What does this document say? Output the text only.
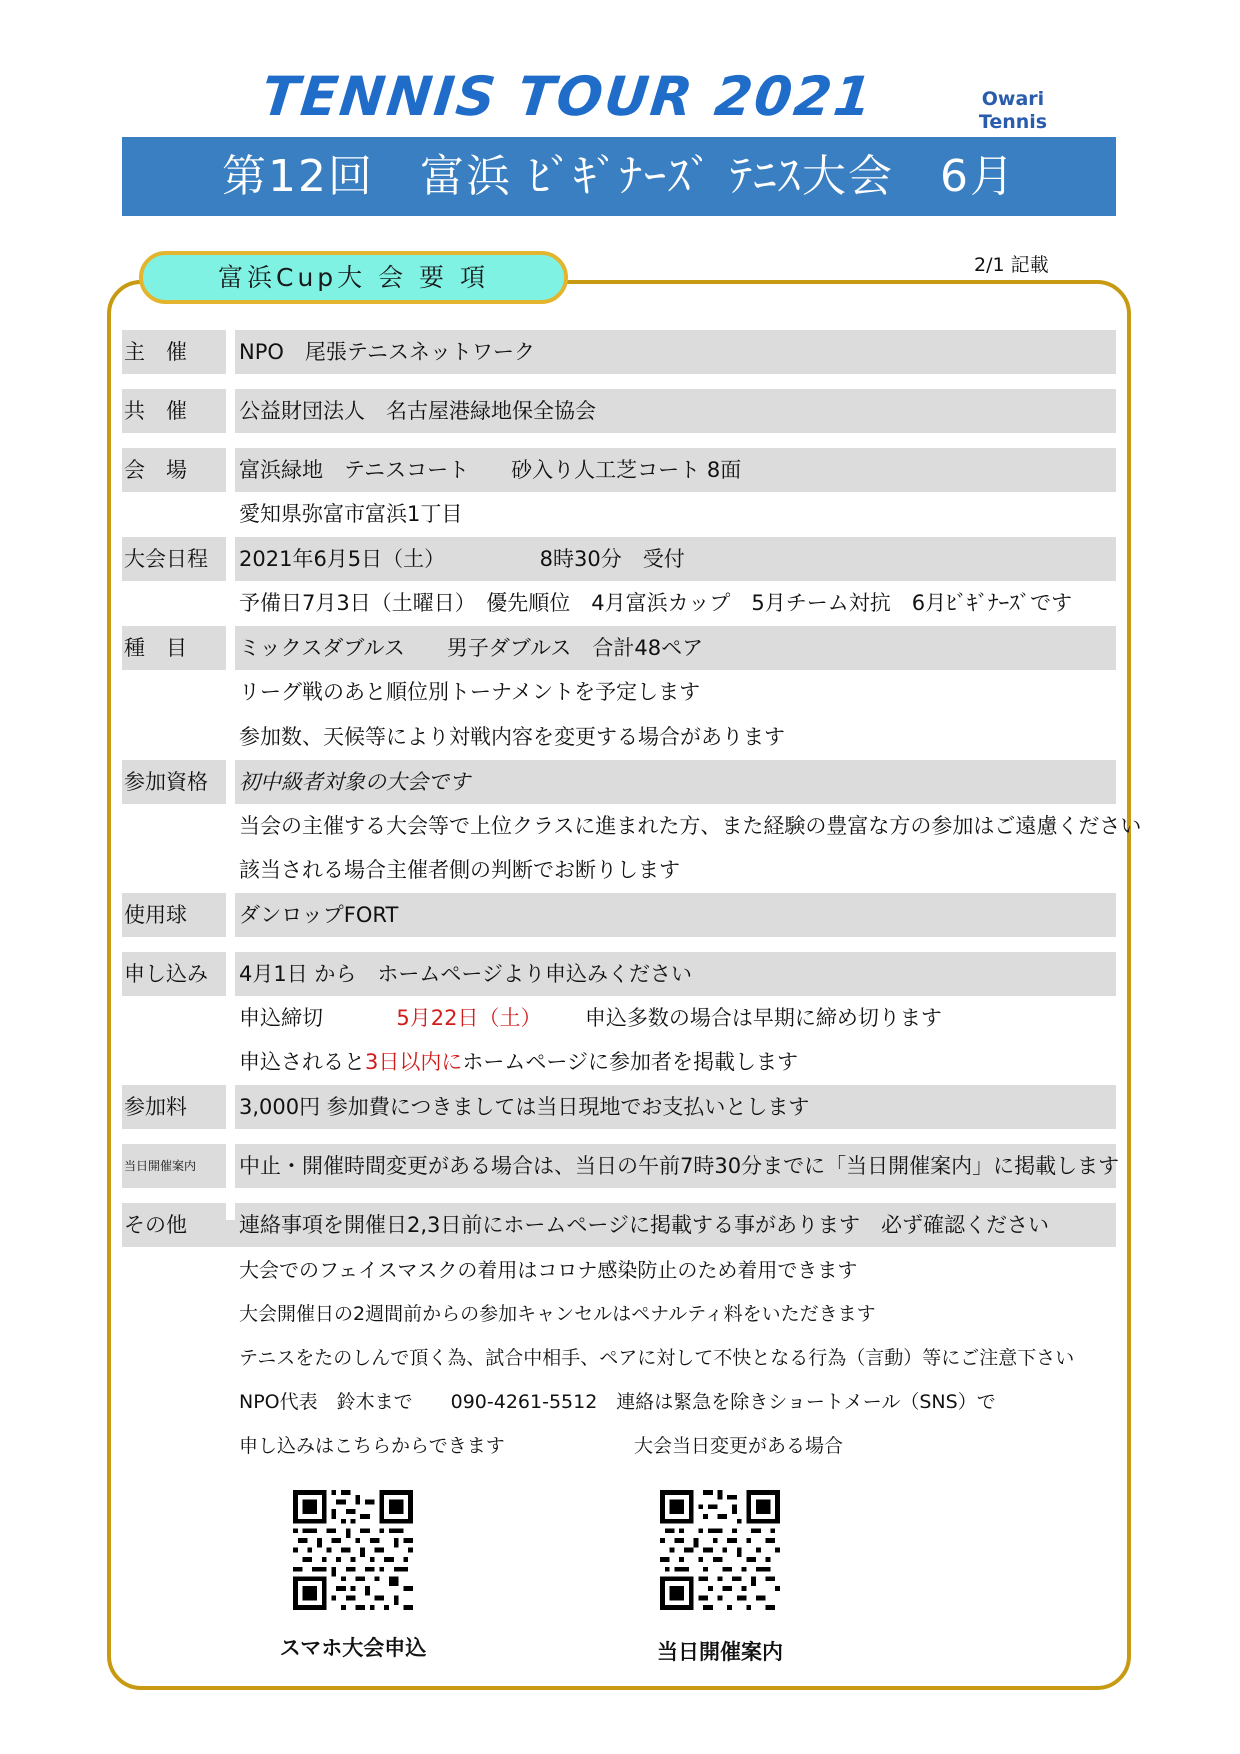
TENNIS TOUR 2021	Owari Tennis
第12回　富浜 ﾋﾞｷﾞﾅｰｽﾞ ﾃﾆｽ大会　6月
2/1 記載
富浜Cup大 会 要 項
主　催	NPO　尾張テニスネットワーク
共　催	公益財団法人　名古屋港緑地保全協会
会　場	富浜緑地　テニスコート　　砂入り人工芝コート 8面
愛知県弥富市富浜1丁目
大会日程	2021年6月5日（土）　　　　　8時30分　受付
予備日7月3日（土曜日）　優先順位　4月富浜カップ　5月チーム対抗　6月ﾋﾞｷﾞﾅｰｽﾞです
種　目	ミックスダブルス　　男子ダブルス　合計48ペア
リーグ戦のあと順位別トーナメントを予定します
参加数、天候等により対戦内容を変更する場合があります
参加資格	初中級者対象の大会です
当会の主催する大会等で上位クラスに進まれた方、また経験の豊富な方の参加はご遠慮ください
該当される場合主催者側の判断でお断りします
使用球	ダンロップFORT
申し込み	4月1日 から　ホームページより申込みください
申込締切	5月22日（土） 申込多数の場合は早期に締め切ります
申込されると3日以内にホームページに参加者を掲載します
参加料	3,000円 参加費につきましては当日現地でお支払いとします
当日開催案内	中止・開催時間変更がある場合は、当日の午前7時30分までに「当日開催案内」に掲載します
その他	連絡事項を開催日2,3日前にホームページに掲載する事があります　必ず確認ください
大会でのフェイスマスクの着用はコロナ感染防止のため着用できます
大会開催日の2週間前からの参加キャンセルはペナルティ料をいただきます
テニスをたのしんで頂く為、試合中相手、ペアに対して不快となる行為（言動）等にご注意下さい
NPO代表　鈴木まで　　090-4261-5512　連絡は緊急を除きショートメール（SNS）で
申し込みはこちらからできます	大会当日変更がある場合
スマホ大会申込	当日開催案内
